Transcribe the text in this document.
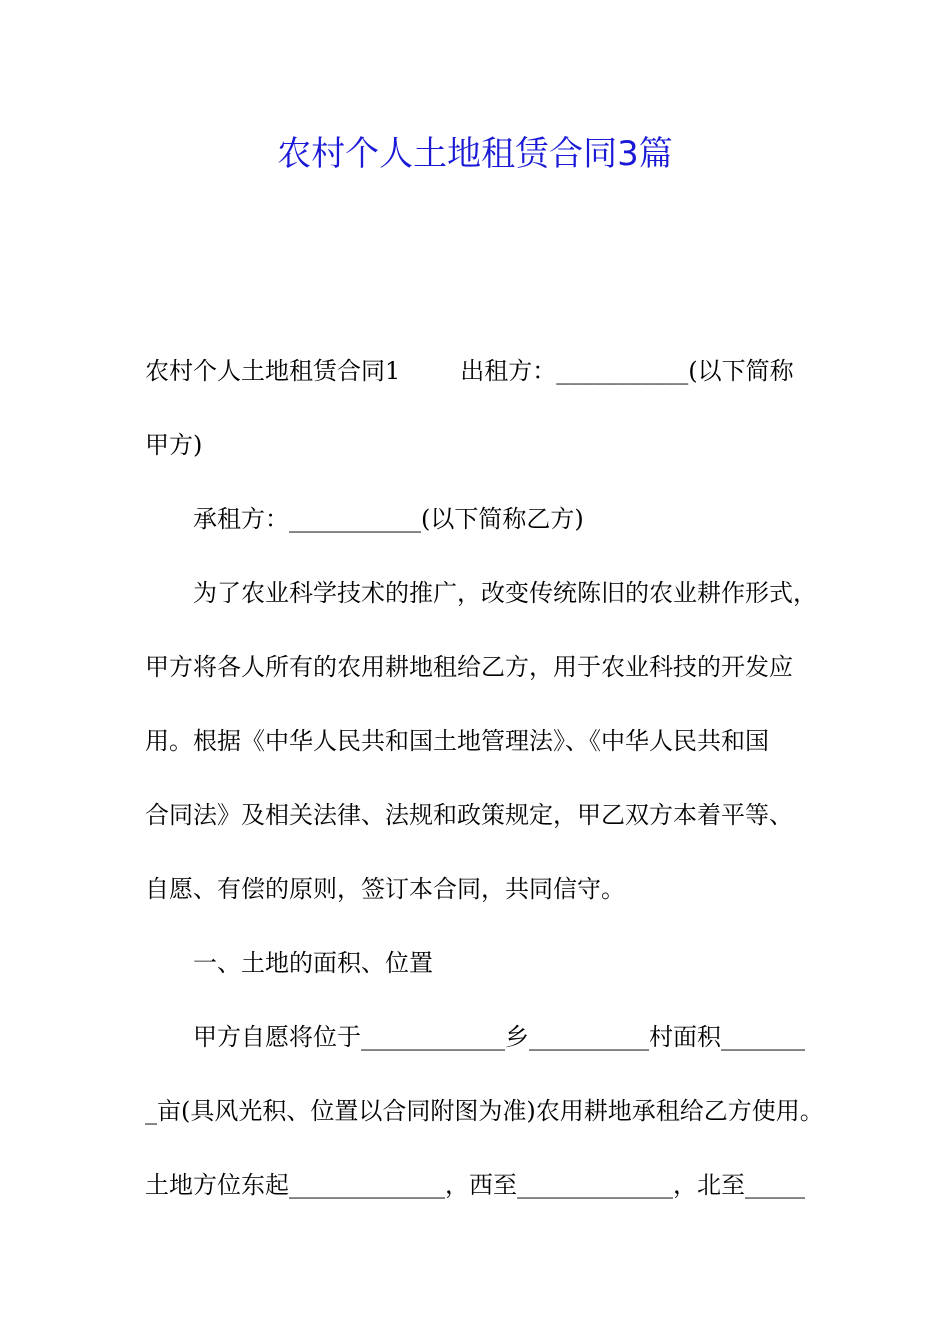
农村个人土地租赁合同3篇
农村个人土地租赁合同1	出租方：___________(以下简称
甲方)
承租方：___________(以下简称乙方)
为了农业科学技术的推广，改变传统陈旧的农业耕作形式，
甲方将各人所有的农用耕地租给乙方，用于农业科技的开发应
用。根据《中华人民共和国土地管理法》、《中华人民共和国
合同法》及相关法律、法规和政策规定，甲乙双方本着平等、
自愿、有偿的原则，签订本合同，共同信守。
一、土地的面积、位置
甲方自愿将位于____________乡__________村面积_______
_亩(具风光积、位置以合同附图为准)农用耕地承租给乙方使用。
土地方位东起_____________，西至_____________，北至_____
